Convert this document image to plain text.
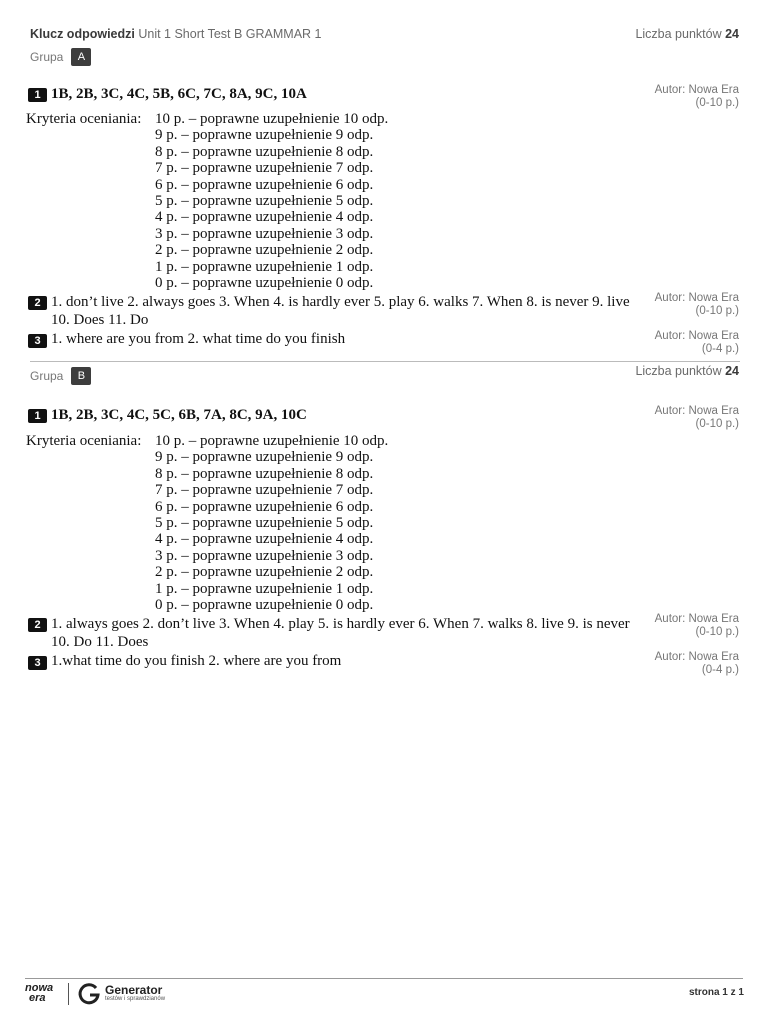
Klucz odpowiedzi Unit 1 Short Test B GRAMMAR 1	Liczba punktów 24
Grupa	A
1 1B, 2B, 3C, 4C, 5B, 6C, 7C, 8A, 9C, 10A	Autor: Nowa Era
(0-10 p.)
Kryteria oceniania: 10 p. – poprawne uzupełnienie 10 odp.
9 p. – poprawne uzupełnienie 9 odp.
8 p. – poprawne uzupełnienie 8 odp.
7 p. – poprawne uzupełnienie 7 odp.
6 p. – poprawne uzupełnienie 6 odp.
5 p. – poprawne uzupełnienie 5 odp.
4 p. – poprawne uzupełnienie 4 odp.
3 p. – poprawne uzupełnienie 3 odp.
2 p. – poprawne uzupełnienie 2 odp.
1 p. – poprawne uzupełnienie 1 odp.
0 p. – poprawne uzupełnienie 0 odp.
2 1. don’t live 2. always goes 3. When 4. is hardly ever 5. play 6. walks 7. When 8. is never 9. live 10. Does 11. Do
Autor: Nowa Era
(0-10 p.)
3 1. where are you from 2. what time do you finish	Autor: Nowa Era
(0-4 p.)
Grupa	B	Liczba punktów 24
1 1B, 2B, 3C, 4C, 5C, 6B, 7A, 8C, 9A, 10C	Autor: Nowa Era
(0-10 p.)
Kryteria oceniania: 10 p. – poprawne uzupełnienie 10 odp.
9 p. – poprawne uzupełnienie 9 odp.
8 p. – poprawne uzupełnienie 8 odp.
7 p. – poprawne uzupełnienie 7 odp.
6 p. – poprawne uzupełnienie 6 odp.
5 p. – poprawne uzupełnienie 5 odp.
4 p. – poprawne uzupełnienie 4 odp.
3 p. – poprawne uzupełnienie 3 odp.
2 p. – poprawne uzupełnienie 2 odp.
1 p. – poprawne uzupełnienie 1 odp.
0 p. – poprawne uzupełnienie 0 odp.
2 1. always goes 2. don’t live 3. When 4. play 5. is hardly ever 6. When 7. walks 8. live 9. is never 10. Do 11. Does
Autor: Nowa Era
(0-10 p.)
3 1.what time do you finish 2. where are you from	Autor: Nowa Era
(0-4 p.)
nowa
era
Generator
testów i sprawdzianów
strona 1 z 1
